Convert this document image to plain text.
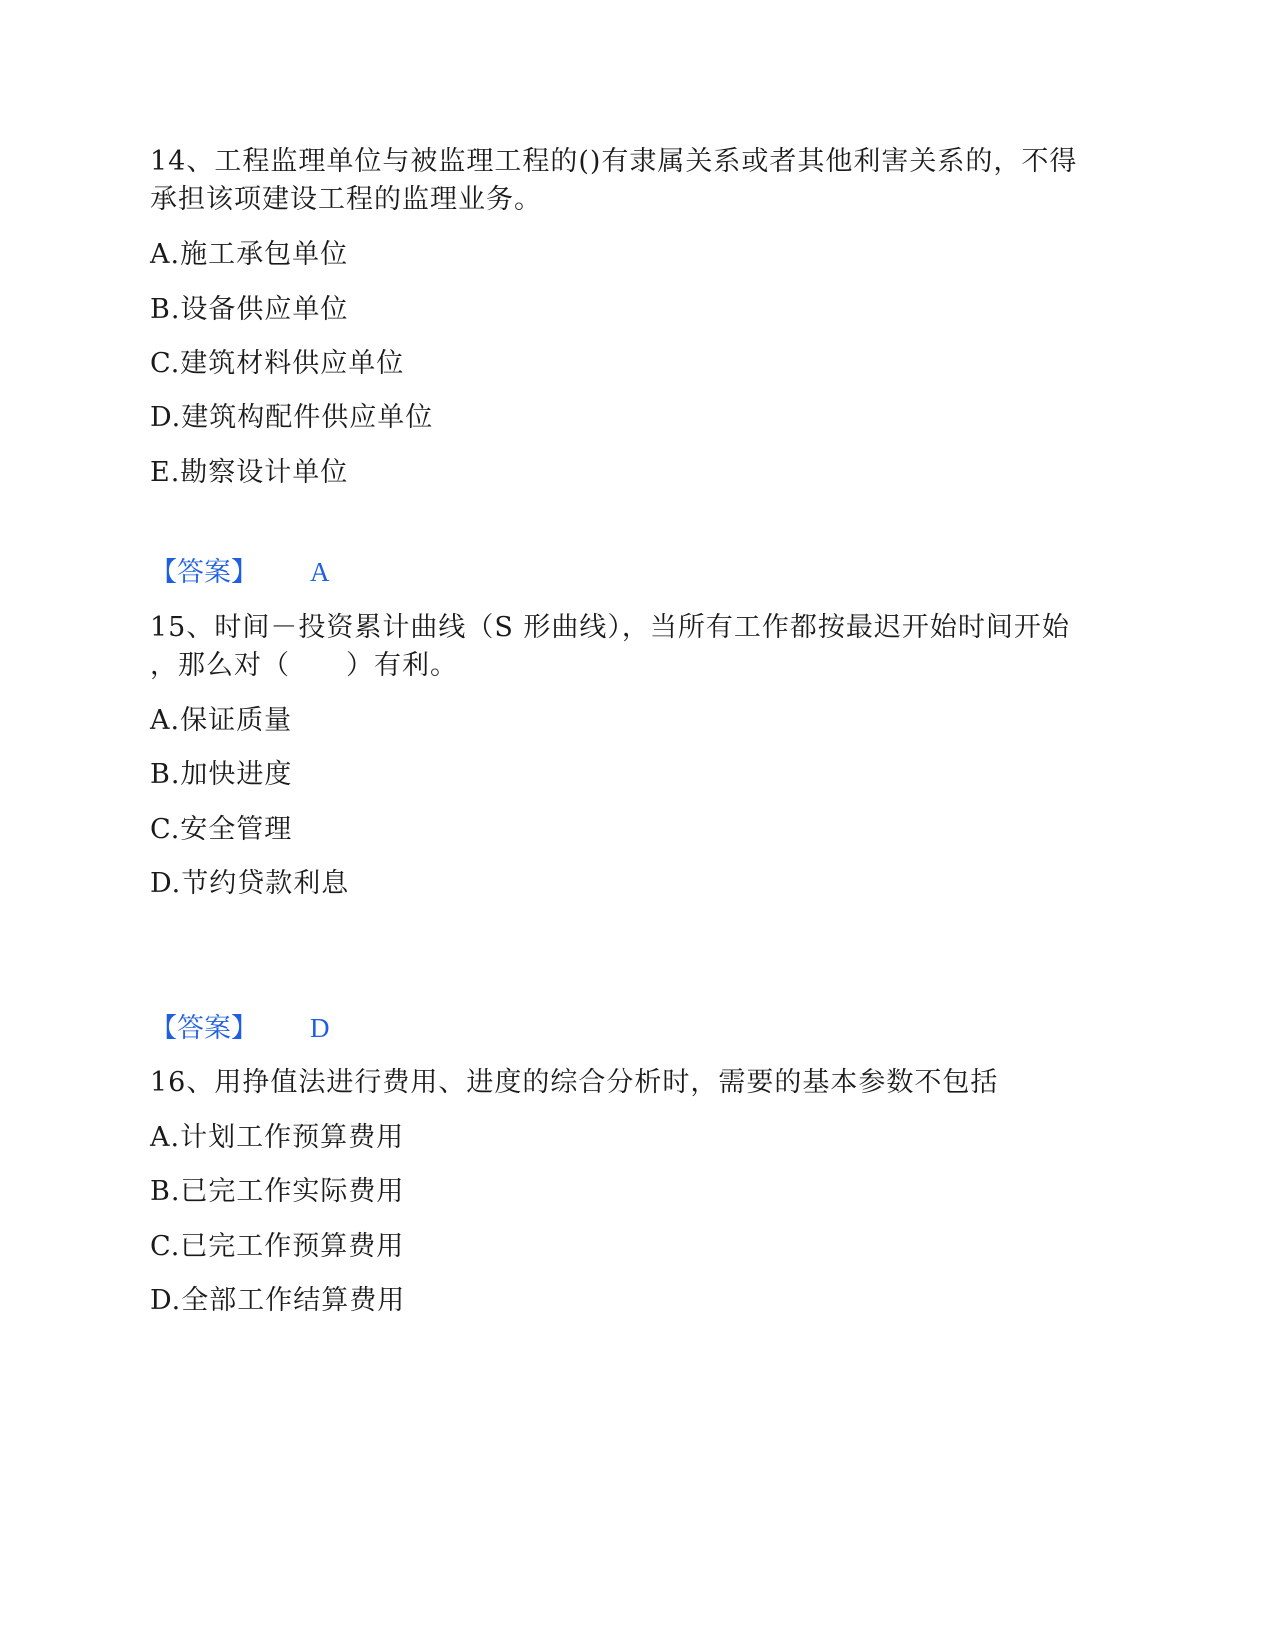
14、工程监理单位与被监理工程的()有隶属关系或者其他利害关系的，不得
承担该项建设工程的监理业务。
A.施工承包单位
B.设备供应单位
C.建筑材料供应单位
D.建筑构配件供应单位
E.勘察设计单位
【答案】 A
15、时间－投资累计曲线（S 形曲线），当所有工作都按最迟开始时间开始
，那么对（　　）有利。
A.保证质量
B.加快进度
C.安全管理
D.节约贷款利息
【答案】 D
16、用挣值法进行费用、进度的综合分析时，需要的基本参数不包括
A.计划工作预算费用
B.已完工作实际费用
C.已完工作预算费用
D.全部工作结算费用
